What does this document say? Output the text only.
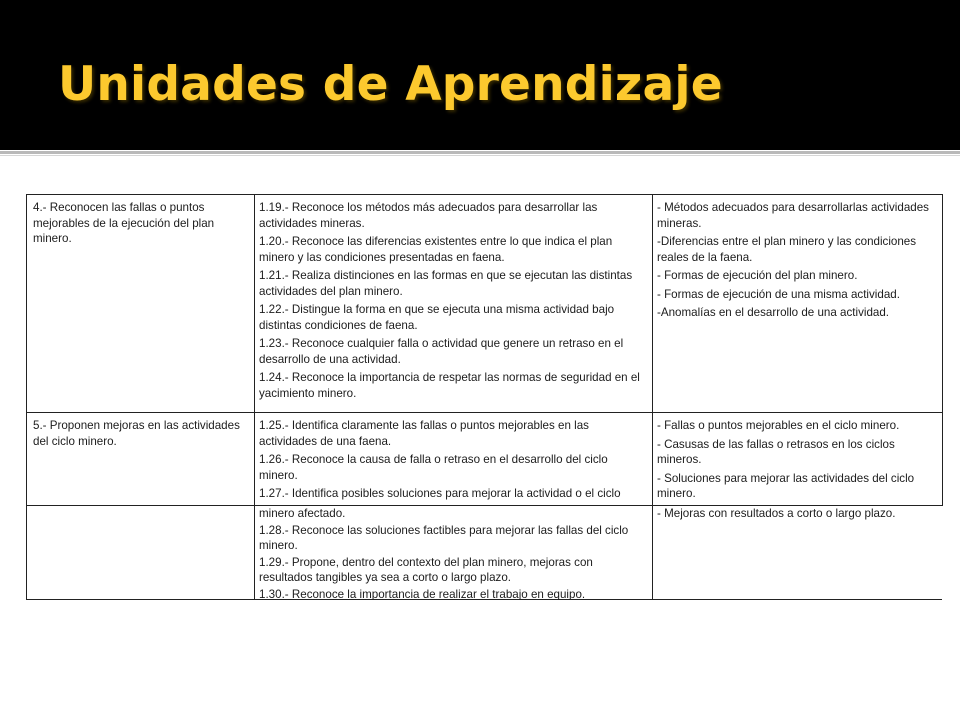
Unidades de Aprendizaje
4.- Reconocen las fallas o puntos mejorables de la ejecución del plan minero.
1.19.- Reconoce los métodos más adecuados para desarrollar las actividades mineras.
1.20.- Reconoce las diferencias existentes entre lo que indica el plan minero y las condiciones presentadas en faena.
1.21.- Realiza distinciones en las formas en que se ejecutan las distintas actividades del plan minero.
1.22.- Distingue la forma en que se ejecuta una misma actividad bajo distintas condiciones de faena.
1.23.- Reconoce cualquier falla o actividad que genere un retraso en el desarrollo de una actividad.
1.24.- Reconoce la importancia de respetar las normas de seguridad en el yacimiento minero.
- Métodos adecuados para desarrollarlas actividades mineras.
-Diferencias entre el plan minero y las condiciones reales de la faena.
- Formas de ejecución del plan minero.
- Formas de ejecución de una misma actividad.
-Anomalías en el desarrollo de una actividad.
5.- Proponen mejoras en las actividades del ciclo minero.
1.25.- Identifica claramente las fallas o puntos mejorables en las actividades de una faena.
1.26.- Reconoce la causa de falla o retraso en el desarrollo del ciclo minero.
1.27.- Identifica posibles soluciones para mejorar la actividad o el ciclo
- Fallas o puntos mejorables en el ciclo minero.
- Casusas de las fallas o retrasos en los ciclos mineros.
- Soluciones para mejorar las actividades del ciclo minero.
minero afectado.
1.28.- Reconoce las soluciones factibles para mejorar las fallas del ciclo minero.
1.29.- Propone, dentro del contexto del plan minero, mejoras con resultados tangibles ya sea a corto o largo plazo.
1.30.- Reconoce la importancia de realizar el trabajo en equipo.
- Mejoras con resultados a corto o largo plazo.
